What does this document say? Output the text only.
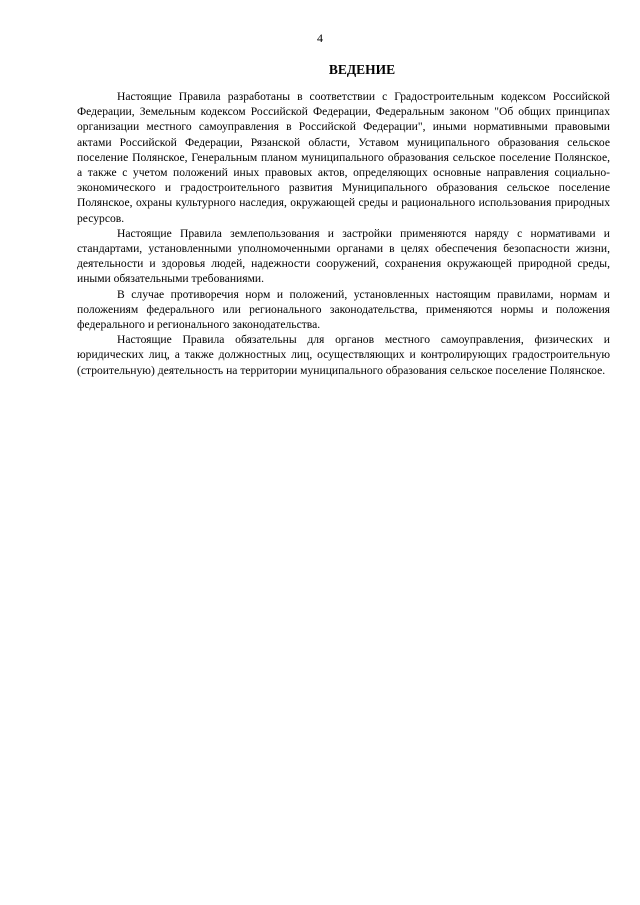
4
ВЕДЕНИЕ

Настоящие Правила разработаны в соответствии с Градостроительным кодексом Российской Федерации, Земельным кодексом Российской Федерации, Федеральным законом "Об общих принципах организации местного самоуправления в Российской Федерации", иными нормативными правовыми актами Российской Федерации, Рязанской области, Уставом муниципального образования сельское поселение Полянское, Генеральным планом муниципального образования сельское поселение Полянское, а также с учетом положений иных правовых актов, определяющих основные направления социально-экономического и градостроительного развития Муниципального образования сельское поселение Полянское, охраны культурного наследия, окружающей среды и рационального использования природных ресурсов.

Настоящие Правила землепользования и застройки применяются наряду с нормативами и стандартами, установленными уполномоченными органами в целях обеспечения безопасности жизни, деятельности и здоровья людей, надежности сооружений, сохранения окружающей природной среды, иными обязательными требованиями.

В случае противоречия норм и положений, установленных настоящим правилами, нормам и положениям федерального или регионального законодательства, применяются нормы и положения федерального и регионального законодательства.

Настоящие Правила обязательны для органов местного самоуправления, физических и юридических лиц, а также должностных лиц, осуществляющих и контролирующих градостроительную (строительную) деятельность на территории муниципального образования сельское поселение Полянское.
